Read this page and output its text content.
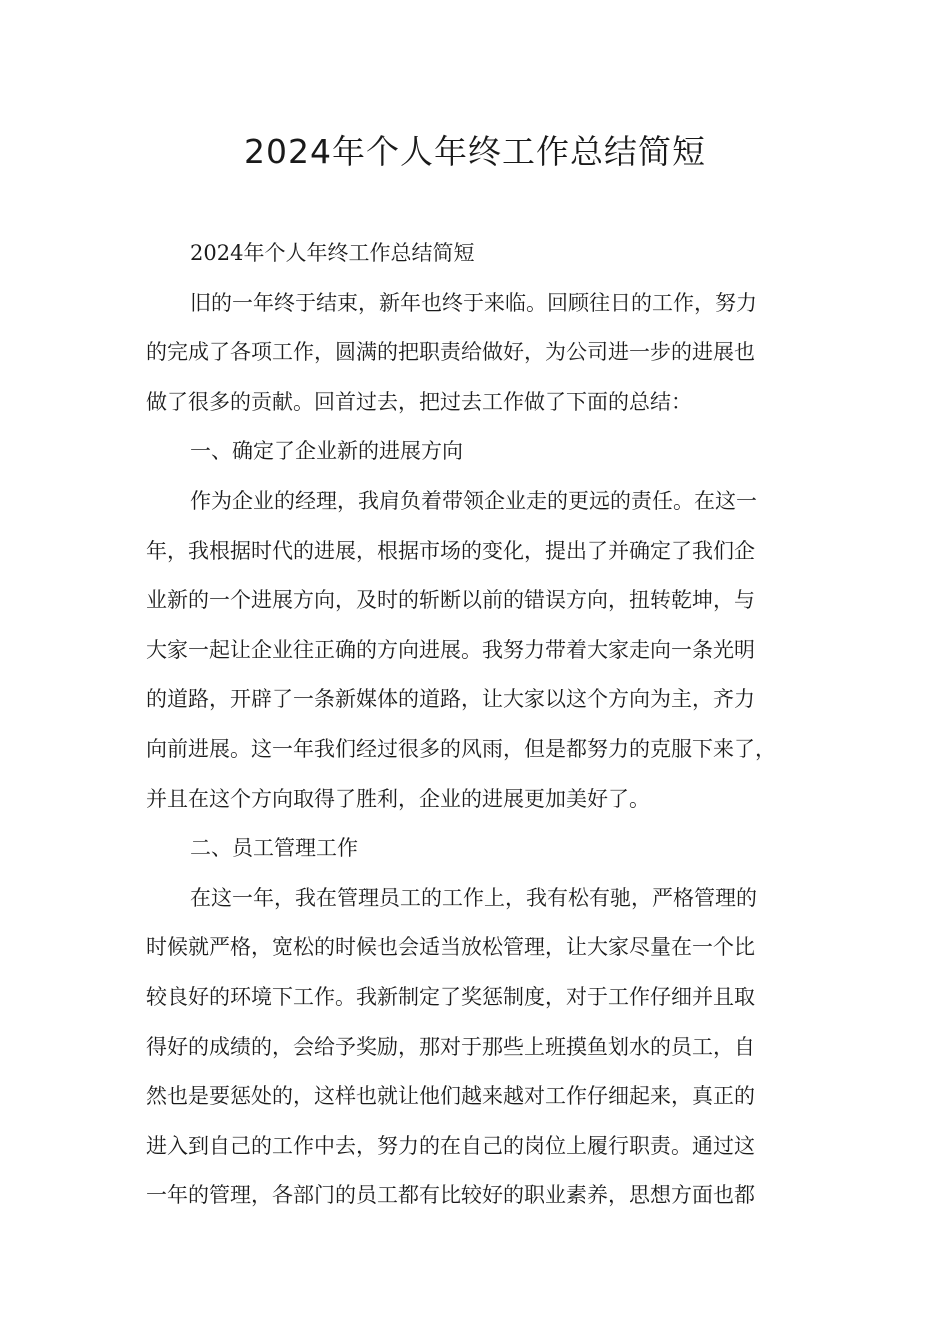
2024年个人年终工作总结简短
2024年个人年终工作总结简短
旧的一年终于结束，新年也终于来临。回顾往日的工作，努力
的完成了各项工作，圆满的把职责给做好，为公司进一步的进展也
做了很多的贡献。回首过去，把过去工作做了下面的总结：
一、确定了企业新的进展方向
作为企业的经理，我肩负着带领企业走的更远的责任。在这一
年，我根据时代的进展，根据市场的变化，提出了并确定了我们企
业新的一个进展方向，及时的斩断以前的错误方向，扭转乾坤，与
大家一起让企业往正确的方向进展。我努力带着大家走向一条光明
的道路，开辟了一条新媒体的道路，让大家以这个方向为主，齐力
向前进展。这一年我们经过很多的风雨，但是都努力的克服下来了，
并且在这个方向取得了胜利，企业的进展更加美好了。
二、员工管理工作
在这一年，我在管理员工的工作上，我有松有驰，严格管理的
时候就严格，宽松的时候也会适当放松管理，让大家尽量在一个比
较良好的环境下工作。我新制定了奖惩制度，对于工作仔细并且取
得好的成绩的，会给予奖励，那对于那些上班摸鱼划水的员工，自
然也是要惩处的，这样也就让他们越来越对工作仔细起来，真正的
进入到自己的工作中去，努力的在自己的岗位上履行职责。通过这
一年的管理，各部门的员工都有比较好的职业素养，思想方面也都
